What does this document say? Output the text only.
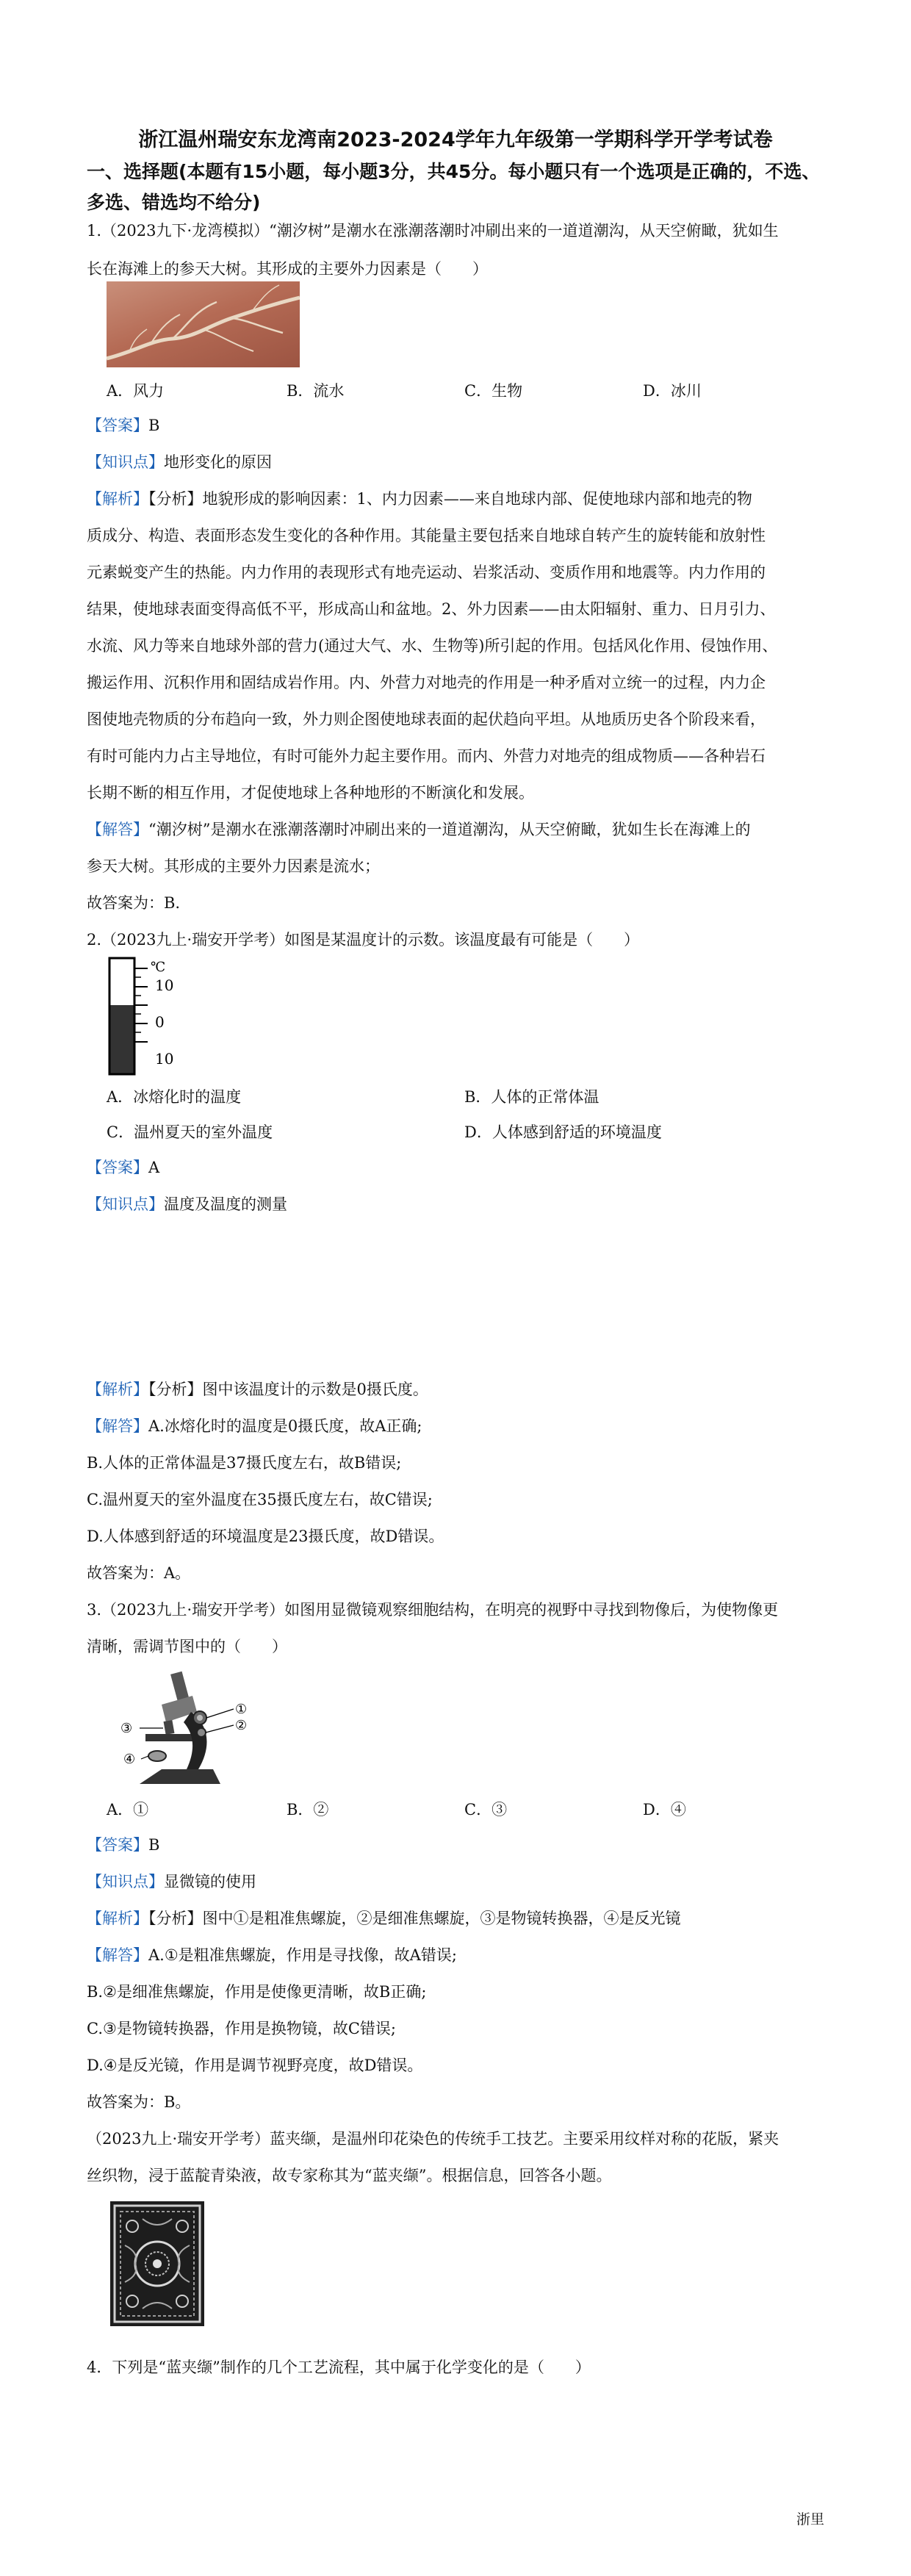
浙江温州瑞安东龙湾南2023-2024学年九年级第一学期科学开学考试卷
一、选择题(本题有15小题，每小题3分，共45分。每小题只有一个选项是正确的，不选、
多选、错选均不给分)
1.（2023九下·龙湾模拟）“潮汐树”是潮水在涨潮落潮时冲刷出来的一道道潮沟，从天空俯瞰，犹如生
长在海滩上的参天大树。其形成的主要外力因素是（　　）
A．风力	B．流水	C．生物	D．冰川
【答案】B
【知识点】地形变化的原因
【解析】【分析】地貌形成的影响因素：1、内力因素——来自地球内部、促使地球内部和地壳的物
质成分、构造、表面形态发生变化的各种作用。其能量主要包括来自地球自转产生的旋转能和放射性
元素蜕变产生的热能。内力作用的表现形式有地壳运动、岩浆活动、变质作用和地震等。内力作用的
结果，使地球表面变得高低不平，形成高山和盆地。2、外力因素——由太阳辐射、重力、日月引力、
水流、风力等来自地球外部的营力(通过大气、水、生物等)所引起的作用。包括风化作用、侵蚀作用、
搬运作用、沉积作用和固结成岩作用。内、外营力对地壳的作用是一种矛盾对立统一的过程，内力企
图使地壳物质的分布趋向一致，外力则企图使地球表面的起伏趋向平坦。从地质历史各个阶段来看，
有时可能内力占主导地位，有时可能外力起主要作用。而内、外营力对地壳的组成物质——各种岩石
长期不断的相互作用，才促使地球上各种地形的不断演化和发展。
【解答】“潮汐树”是潮水在涨潮落潮时冲刷出来的一道道潮沟，从天空俯瞰，犹如生长在海滩上的
参天大树。其形成的主要外力因素是流水；
故答案为：B.
2.（2023九上·瑞安开学考）如图是某温度计的示数。该温度最有可能是（　　）
℃
10
0
10
A．冰熔化时的温度	B．人体的正常体温
C．温州夏天的室外温度	D．人体感到舒适的环境温度
【答案】A
【知识点】温度及温度的测量
【解析】【分析】图中该温度计的示数是0摄氏度。
【解答】A.冰熔化时的温度是0摄氏度，故A正确;
B.人体的正常体温是37摄氏度左右，故B错误;
C.温州夏天的室外温度在35摄氏度左右，故C错误;
D.人体感到舒适的环境温度是23摄氏度，故D错误。
故答案为：A。
3.（2023九上·瑞安开学考）如图用显微镜观察细胞结构，在明亮的视野中寻找到物像后，为使物像更
清晰，需调节图中的（　　）
①
②
③
④
A．①	B．②	C．③	D．④
【答案】B
【知识点】显微镜的使用
【解析】【分析】图中①是粗准焦螺旋，②是细准焦螺旋，③是物镜转换器，④是反光镜
【解答】A.①是粗准焦螺旋，作用是寻找像，故A错误;
B.②是细准焦螺旋，作用是使像更清晰，故B正确;
C.③是物镜转换器，作用是换物镜，故C错误;
D.④是反光镜，作用是调节视野亮度，故D错误。
故答案为：B。
（2023九上·瑞安开学考）蓝夹缬，是温州印花染色的传统手工技艺。主要采用纹样对称的花版，紧夹
丝织物，浸于蓝靛青染液，故专家称其为“蓝夹缬”。根据信息，回答各小题。
4．下列是“蓝夹缬”制作的几个工艺流程，其中属于化学变化的是（　　）
浙里
